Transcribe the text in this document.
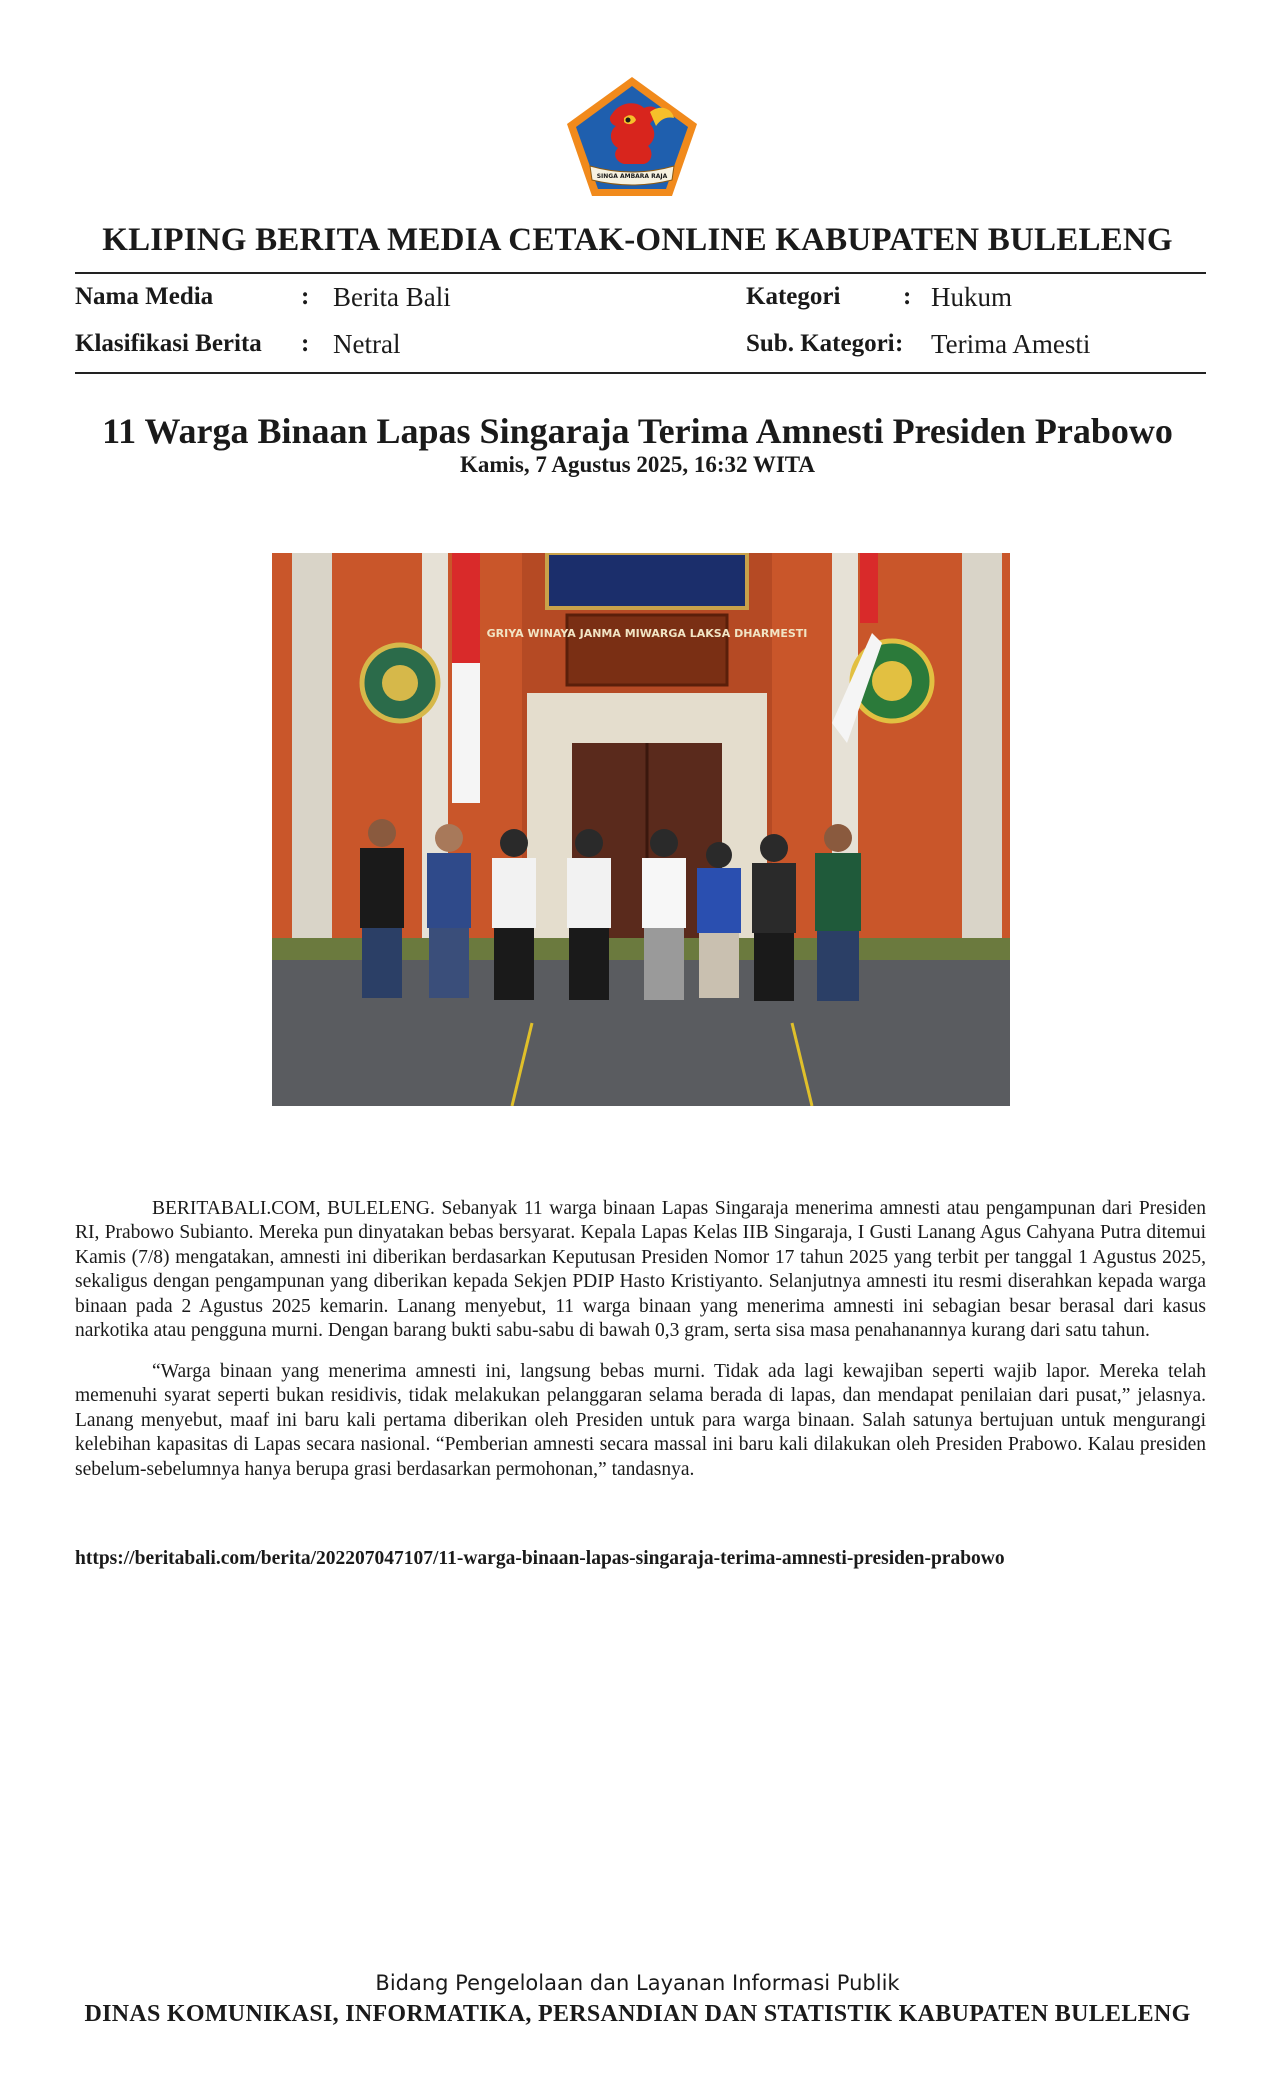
SINGA AMBARA RAJA
KLIPING BERITA MEDIA CETAK-ONLINE KABUPATEN BULELENG
Nama Media	: Berita Bali	Kategori	: Hukum
Klasifikasi Berita : Netral	Sub. Kategori : Terima Amesti
11 Warga Binaan Lapas Singaraja Terima Amnesti Presiden Prabowo
Kamis, 7 Agustus 2025, 16:32 WITA
GRIYA WINAYA JANMA MIWARGA LAKSA DHARMESTI
BERITABALI.COM, BULELENG. Sebanyak 11 warga binaan Lapas Singaraja menerima amnesti atau pengampunan dari Presiden RI, Prabowo Subianto. Mereka pun dinyatakan bebas bersyarat. Kepala Lapas Kelas IIB Singaraja, I Gusti Lanang Agus Cahyana Putra ditemui Kamis (7/8) mengatakan, amnesti ini diberikan berdasarkan Keputusan Presiden Nomor 17 tahun 2025 yang terbit per tanggal 1 Agustus 2025, sekaligus dengan pengampunan yang diberikan kepada Sekjen PDIP Hasto Kristiyanto. Selanjutnya amnesti itu resmi diserahkan kepada warga binaan pada 2 Agustus 2025 kemarin. Lanang menyebut, 11 warga binaan yang menerima amnesti ini sebagian besar berasal dari kasus narkotika atau pengguna murni. Dengan barang bukti sabu-sabu di bawah 0,3 gram, serta sisa masa penahanannya kurang dari satu tahun.
“Warga binaan yang menerima amnesti ini, langsung bebas murni. Tidak ada lagi kewajiban seperti wajib lapor. Mereka telah memenuhi syarat seperti bukan residivis, tidak melakukan pelanggaran selama berada di lapas, dan mendapat penilaian dari pusat,” jelasnya. Lanang menyebut, maaf ini baru kali pertama diberikan oleh Presiden untuk para warga binaan. Salah satunya bertujuan untuk mengurangi kelebihan kapasitas di Lapas secara nasional. “Pemberian amnesti secara massal ini baru kali dilakukan oleh Presiden Prabowo. Kalau presiden sebelum-sebelumnya hanya berupa grasi berdasarkan permohonan,” tandasnya.
https://beritabali.com/berita/202207047107/11-warga-binaan-lapas-singaraja-terima-amnesti-presiden-prabowo
Bidang Pengelolaan dan Layanan Informasi Publik
DINAS KOMUNIKASI, INFORMATIKA, PERSANDIAN DAN STATISTIK KABUPATEN BULELENG
